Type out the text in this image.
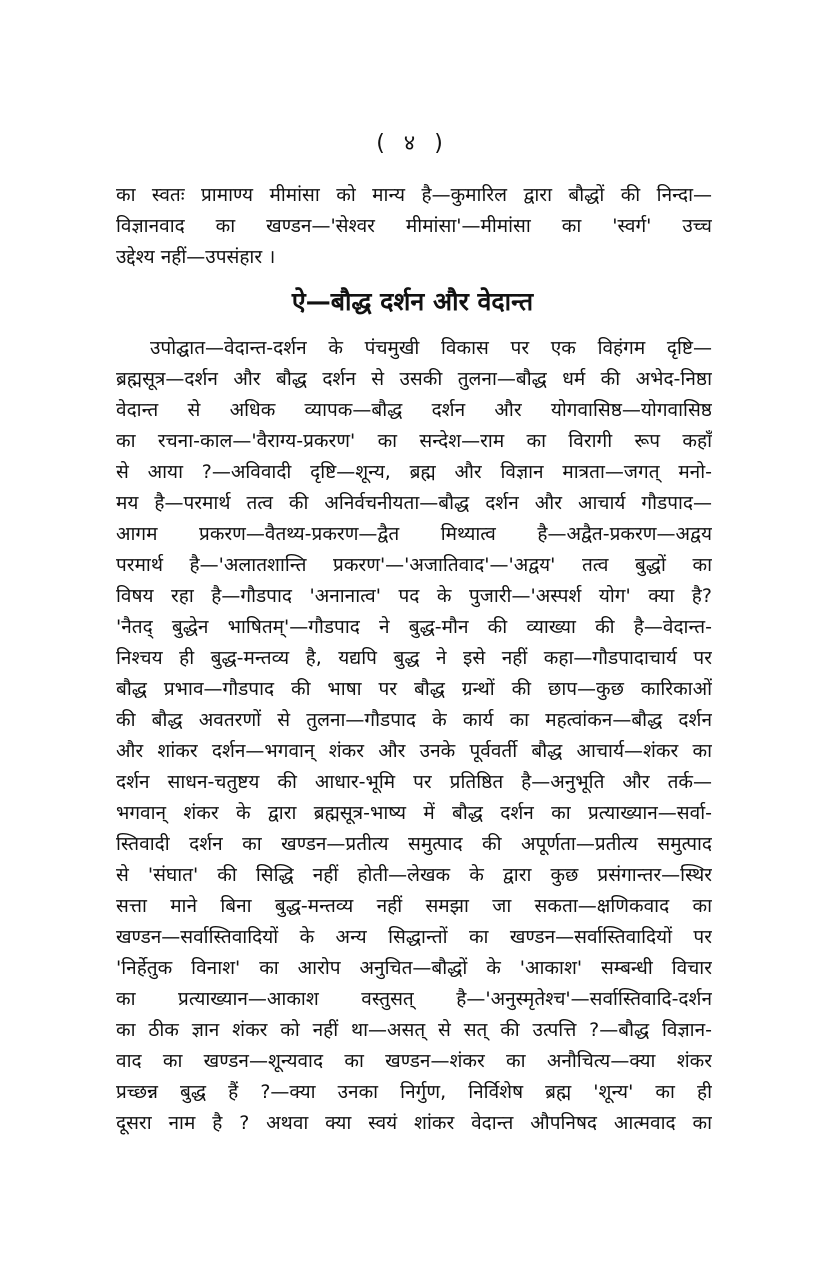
( ४ )
का स्वतः प्रामाण्य मीमांसा को मान्य है—कुमारिल द्वारा बौद्धों की निन्दा—
विज्ञानवाद का खण्डन—'सेश्वर मीमांसा'—मीमांसा का 'स्वर्ग' उच्च
उद्देश्य नहीं—उपसंहार ।
ऐ—बौद्ध दर्शन और वेदान्त
उपोद्घात—वेदान्त-दर्शन के पंचमुखी विकास पर एक विहंगम दृष्टि—
ब्रह्मसूत्र—दर्शन और बौद्ध दर्शन से उसकी तुलना—बौद्ध धर्म की अभेद-निष्ठा
वेदान्त से अधिक व्यापक—बौद्ध दर्शन और योगवासिष्ठ—योगवासिष्ठ
का रचना-काल—'वैराग्य-प्रकरण' का सन्देश—राम का विरागी रूप कहाँ
से आया ?—अविवादी दृष्टि—शून्य, ब्रह्म और विज्ञान मात्रता—जगत् मनो-
मय है—परमार्थ तत्व की अनिर्वचनीयता—बौद्ध दर्शन और आचार्य गौडपाद—
आगम प्रकरण—वैतथ्य-प्रकरण—द्वैत मिथ्यात्व है—अद्वैत-प्रकरण—अद्वय
परमार्थ है—'अलातशान्ति प्रकरण'—'अजातिवाद'—'अद्वय' तत्व बुद्धों का
विषय रहा है—गौडपाद 'अनानात्व' पद के पुजारी—'अस्पर्श योग' क्या है?
'नैतद् बुद्धेन भाषितम्'—गौडपाद ने बुद्ध-मौन की व्याख्या की है—वेदान्त-
निश्चय ही बुद्ध-मन्तव्य है, यद्यपि बुद्ध ने इसे नहीं कहा—गौडपादाचार्य पर
बौद्ध प्रभाव—गौडपाद की भाषा पर बौद्ध ग्रन्थों की छाप—कुछ कारिकाओं
की बौद्ध अवतरणों से तुलना—गौडपाद के कार्य का महत्वांकन—बौद्ध दर्शन
और शांकर दर्शन—भगवान् शंकर और उनके पूर्ववर्ती बौद्ध आचार्य—शंकर का
दर्शन साधन-चतुष्टय की आधार-भूमि पर प्रतिष्ठित है—अनुभूति और तर्क—
भगवान् शंकर के द्वारा ब्रह्मसूत्र-भाष्य में बौद्ध दर्शन का प्रत्याख्यान—सर्वा-
स्तिवादी दर्शन का खण्डन—प्रतीत्य समुत्पाद की अपूर्णता—प्रतीत्य समुत्पाद
से 'संघात' की सिद्धि नहीं होती—लेखक के द्वारा कुछ प्रसंगान्तर—स्थिर
सत्ता माने बिना बुद्ध-मन्तव्य नहीं समझा जा सकता—क्षणिकवाद का
खण्डन—सर्वास्तिवादियों के अन्य सिद्धान्तों का खण्डन—सर्वास्तिवादियों पर
'निर्हेतुक विनाश' का आरोप अनुचित—बौद्धों के 'आकाश' सम्बन्धी विचार
का प्रत्याख्यान—आकाश वस्तुसत् है—'अनुस्मृतेश्च'—सर्वास्तिवादि-दर्शन
का ठीक ज्ञान शंकर को नहीं था—असत् से सत् की उत्पत्ति ?—बौद्ध विज्ञान-
वाद का खण्डन—शून्यवाद का खण्डन—शंकर का अनौचित्य—क्या शंकर
प्रच्छन्न बुद्ध हैं ?—क्या उनका निर्गुण, निर्विशेष ब्रह्म 'शून्य' का ही
दूसरा नाम है ? अथवा क्या स्वयं शांकर वेदान्त औपनिषद आत्मवाद का
